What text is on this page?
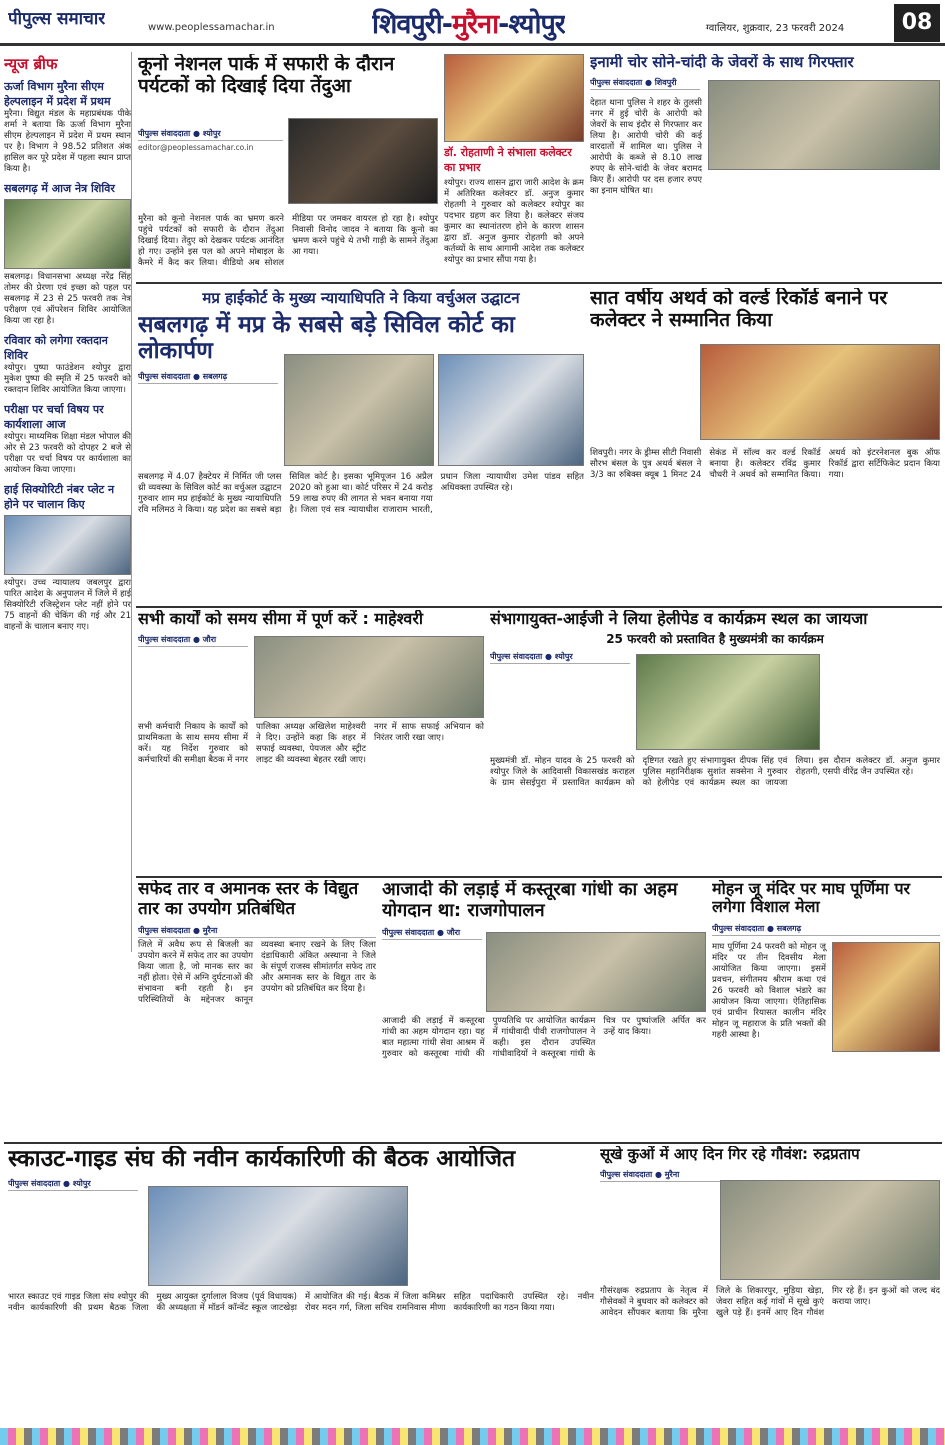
पीपुल्स समाचार	www.peoplessamachar.in	शिवपुरी-मुरैना-श्योपुर	ग्वालियर, शुक्रवार, 23 फरवरी 2024	08
न्यूज ब्रीफ
ऊर्जा विभाग मुरैना सीएम हेल्पलाइन में प्रदेश में प्रथम
मुरैना। विद्युत मंडल के महाप्रबंधक पीके शर्मा ने बताया कि ऊर्जा विभाग मुरैना सीएम हेल्पलाइन में प्रदेश में प्रथम स्थान पर है। विभाग ने 98.52 प्रतिशत अंक हासिल कर पूरे प्रदेश में पहला स्थान प्राप्त किया है।
सबलगढ़ में आज नेत्र शिविर
सबलगढ़। विधानसभा अध्यक्ष नरेंद्र सिंह तोमर की प्रेरणा एवं इच्छा को पहल पर सबलगढ़ में 23 से 25 फरवरी तक नेत्र परीक्षण एवं ऑपरेशन शिविर आयोजित किया जा रहा है।
रविवार को लगेगा रक्तदान शिविर
श्योपुर। पुष्पा फाउंडेशन श्योपुर द्वारा मुकेश पुष्पा की स्मृति में 25 फरवरी को रक्तदान शिविर आयोजित किया जाएगा।
परीक्षा पर चर्चा विषय पर कार्यशाला आज
श्योपुर। माध्यमिक शिक्षा मंडल भोपाल की ओर से 23 फरवरी को दोपहर 2 बजे से परीक्षा पर चर्चा विषय पर कार्यशाला का आयोजन किया जाएगा।
हाई सिक्योरिटी नंबर प्लेट न होने पर चालान किए
श्योपुर। उच्च न्यायालय जबलपुर द्वारा पारित आदेश के अनुपालन में जिले में हाई सिक्योरिटी रजिस्ट्रेशन प्लेट नहीं होने पर 75 वाहनों की चेकिंग की गई और 21 वाहनों के चालान बनाए गए।
कूनो नेशनल पार्क में सफारी के दौरान पर्यटकों को दिखाई दिया तेंदुआ
पीपुल्स संवाददाता ● श्योपुर
editor@peoplessamachar.co.in
मुरैना को कूनो नेशनल पार्क का भ्रमण करने पहुंचे पर्यटकों को सफारी के दौरान तेंदुआ दिखाई दिया। तेंदुए को देखकर पर्यटक आनंदित हो गए। उन्होंने इस पल को अपने मोबाइल के कैमरे में कैद कर लिया। वीडियो अब सोशल मीडिया पर जमकर वायरल हो रहा है। श्योपुर निवासी विनोद जादव ने बताया कि कूनो का भ्रमण करने पहुंचे थे तभी गाड़ी के सामने तेंदुआ आ गया।
डॉ. रोहताणी ने संभाला कलेक्टर का प्रभार
श्योपुर। राज्य शासन द्वारा जारी आदेश के क्रम में अतिरिक्त कलेक्टर डॉ. अनुज कुमार रोहतगी ने गुरुवार को कलेक्टर श्योपुर का पदभार ग्रहण कर लिया है। कलेक्टर संजय कुमार का स्थानांतरण होने के कारण शासन द्वारा डॉ. अनुज कुमार रोहतगी को अपने कर्तव्यों के साथ आगामी आदेश तक कलेक्टर श्योपुर का प्रभार सौंपा गया है।
इनामी चोर सोने-चांदी के जेवरों के साथ गिरफ्तार
पीपुल्स संवाददाता ● शिवपुरी
देहात थाना पुलिस ने शहर के तुलसी नगर में हुई चोरी के आरोपी को जेवरों के साथ इंदौर से गिरफ्तार कर लिया है। आरोपी चोरी की कई वारदातों में शामिल था। पुलिस ने आरोपी के कब्जे से 8.10 लाख रुपए के सोने-चांदी के जेवर बरामद किए हैं। आरोपी पर दस हजार रुपए का इनाम घोषित था।
मप्र हाईकोर्ट के मुख्य न्यायाधिपति ने किया वर्चुअल उद्घाटन
सबलगढ़ में मप्र के सबसे बड़े सिविल कोर्ट का लोकार्पण
पीपुल्स संवाददाता ● सबलगढ़
सबलगढ़ में 4.07 हैक्टेयर में निर्मित जी प्लस थ्री व्यवस्था के सिविल कोर्ट का वर्चुअल उद्घाटन गुरुवार शाम मप्र हाईकोर्ट के मुख्य न्यायाधिपति रवि मलिमठ ने किया। यह प्रदेश का सबसे बड़ा सिविल कोर्ट है। इसका भूमिपूजन 16 अप्रैल 2020 को हुआ था। कोर्ट परिसर में 24 करोड़ 59 लाख रुपए की लागत से भवन बनाया गया है। जिला एवं सत्र न्यायाधीश राजाराम भारती, प्रधान जिला न्यायाधीश उमेश पांडव सहित अधिवक्ता उपस्थित रहे।
सात वर्षीय अथर्व को वर्ल्ड रिकॉर्ड बनाने पर कलेक्टर ने सम्मानित किया
शिवपुरी। नगर के ड्रीम्स सीटी निवासी सौरभ बंसल के पुत्र अथर्व बंसल ने 3/3 का रुबिक्स क्यूब 1 मिनट 24 सेकंड में सॉल्व कर वर्ल्ड रिकॉर्ड बनाया है। कलेक्टर रविंद्र कुमार चौधरी ने अथर्व को सम्मानित किया। अथर्व को इंटरनेशनल बुक ऑफ रिकॉर्ड द्वारा सर्टिफिकेट प्रदान किया गया।
सभी कार्यों को समय सीमा में पूर्ण करें : माहेश्वरी
पीपुल्स संवाददाता ● जौरा
सभी कर्मचारी निकाय के कार्यों को प्राथमिकता के साथ समय सीमा में करें। यह निर्देश गुरुवार को कर्मचारियों की समीक्षा बैठक में नगर पालिका अध्यक्ष अखिलेश माहेश्वरी ने दिए। उन्होंने कहा कि शहर में सफाई व्यवस्था, पेयजल और स्ट्रीट लाइट की व्यवस्था बेहतर रखी जाए। नगर में साफ सफाई अभियान को निरंतर जारी रखा जाए।
संभागायुक्त-आईजी ने लिया हेलीपेड व कार्यक्रम स्थल का जायजा
25 फरवरी को प्रस्तावित है मुख्यमंत्री का कार्यक्रम
पीपुल्स संवाददाता ● श्योपुर
मुख्यमंत्री डॉ. मोहन यादव के 25 फरवरी को श्योपुर जिले के आदिवासी विकासखंड कराहल के ग्राम सेसईपुरा में प्रस्तावित कार्यक्रम को दृष्टिगत रखते हुए संभागायुक्त दीपक सिंह एवं पुलिस महानिरीक्षक सुशांत सक्सेना ने गुरुवार को हेलीपेड एवं कार्यक्रम स्थल का जायजा लिया। इस दौरान कलेक्टर डॉ. अनुज कुमार रोहतगी, एसपी वीरेंद्र जैन उपस्थित रहे।
सफेद तार व अमानक स्तर के विद्युत तार का उपयोग प्रतिबंधित
पीपुल्स संवाददाता ● मुरैना
जिले में अवैध रूप से बिजली का उपयोग करने में सफेद तार का उपयोग किया जाता है, जो मानक स्तर का नहीं होता। ऐसे में अग्नि दुर्घटनाओं की संभावना बनी रहती है। इन परिस्थितियों के मद्देनजर कानून व्यवस्था बनाए रखने के लिए जिला दंडाधिकारी अंकित अस्थाना ने जिले के संपूर्ण राजस्व सीमांतर्गत सफेद तार और अमानक स्तर के विद्युत तार के उपयोग को प्रतिबंधित कर दिया है।
आजादी की लड़ाई में कस्तूरबा गांधी का अहम योगदान था: राजगोपालन
पीपुल्स संवाददाता ● जौरा
आजादी की लड़ाई में कस्तूरबा गांधी का अहम योगदान रहा। यह बात महात्मा गांधी सेवा आश्रम में गुरुवार को कस्तूरबा गांधी की पुण्यतिथि पर आयोजित कार्यक्रम में गांधीवादी पीवी राजगोपालन ने कही। इस दौरान उपस्थित गांधीवादियों ने कस्तूरबा गांधी के चित्र पर पुष्पांजलि अर्पित कर उन्हें याद किया।
मोहन जू मंदिर पर माघ पूर्णिमा पर लगेगा विशाल मेला
पीपुल्स संवाददाता ● सबलगढ़
माघ पूर्णिमा 24 फरवरी को मोहन जू मंदिर पर तीन दिवसीय मेला आयोजित किया जाएगा। इसमें प्रवचन, संगीतमय श्रीराम कथा एवं 26 फरवरी को विशाल भंडारे का आयोजन किया जाएगा। ऐतिहासिक एवं प्राचीन रियासत कालीन मंदिर मोहन जू महाराज के प्रति भक्तों की गहरी आस्था है।
स्काउट-गाइड संघ की नवीन कार्यकारिणी की बैठक आयोजित
पीपुल्स संवाददाता ● श्योपुर
भारत स्काउट एवं गाइड जिला संघ श्योपुर की नवीन कार्यकारिणी की प्रथम बैठक जिला मुख्य आयुक्त दुर्गालाल विजय (पूर्व विधायक) की अध्यक्षता में मॉडर्न कॉन्वेंट स्कूल जाटखेड़ा में आयोजित की गई। बैठक में जिला कमिश्नर रोवर मदन गर्ग, जिला सचिव रामनिवास मीणा सहित पदाधिकारी उपस्थित रहे। नवीन कार्यकारिणी का गठन किया गया।
सूखे कुओं में आए दिन गिर रहे गौवंश: रुद्रप्रताप
पीपुल्स संवाददाता ● मुरैना
गौसंरक्षक रुद्रप्रताप के नेतृत्व में गौसेवकों ने बुधवार को कलेक्टर को आवेदन सौंपकर बताया कि मुरैना जिले के शिकारपुर, मुड़िया खेड़ा, जेवरा सहित कई गांवों में सूखे कुएं खुले पड़े हैं। इनमें आए दिन गौवंश गिर रहे हैं। इन कुओं को जल्द बंद कराया जाए।
